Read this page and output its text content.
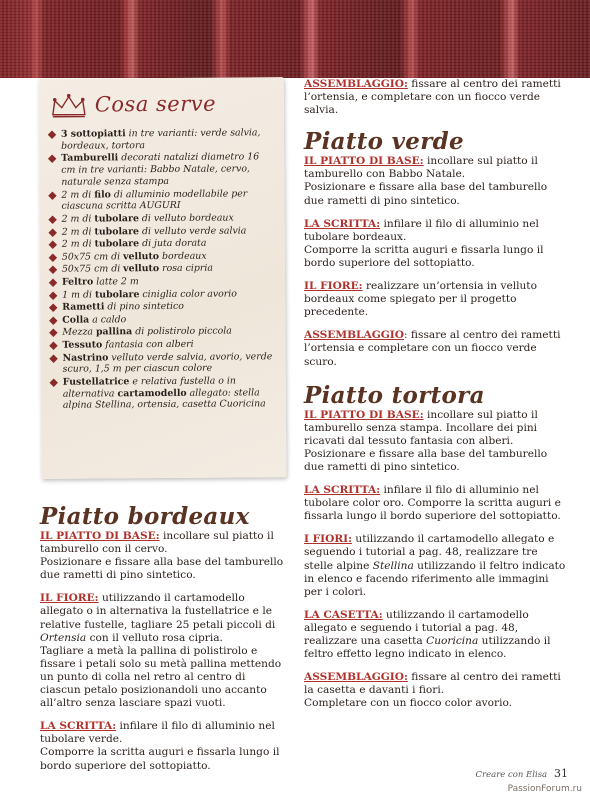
Cosa serve
3 sottopiatti in tre varianti: verde salvia, bordeaux, tortora
Tamburelli decorati natalizi diametro 16 cm in tre varianti: Babbo Natale, cervo, naturale senza stampa
2 m di filo di alluminio modellabile per ciascuna scritta AUGURI
2 m di tubolare di velluto bordeaux
2 m di tubolare di velluto verde salvia
2 m di tubolare di juta dorata
50x75 cm di velluto bordeaux
50x75 cm di velluto rosa cipria
Feltro latte 2 m
1 m di tubolare ciniglia color avorio
Rametti di pino sintetico
Colla a caldo
Mezza pallina di polistirolo piccola
Tessuto fantasia con alberi
Nastrino velluto verde salvia, avorio, verde scuro, 1,5 m per ciascun colore
Fustellatrice e relativa fustella o in alternativa cartamodello allegato: stella alpina Stellina, ortensia, casetta Cuoricina
Piatto bordeaux

IL PIATTO DI BASE: incollare sul piatto il tamburello con il cervo.
Posizionare e fissare alla base del tamburello due rametti di pino sintetico.

IL FIORE: utilizzando il cartamodello allegato o in alternativa la fustellatrice e le relative fustelle, tagliare 25 petali piccoli di Ortensia con il velluto rosa cipria.
Tagliare a metà la pallina di polistirolo e fissare i petali solo su metà pallina mettendo un punto di colla nel retro al centro di ciascun petalo posizionandoli uno accanto all’altro senza lasciare spazi vuoti.

LA SCRITTA: infilare il filo di alluminio nel tubolare verde.
Comporre la scritta auguri e fissarla lungo il bordo superiore del sottopiatto.

ASSEMBLAGGIO: fissare al centro dei rametti l’ortensia, e completare con un fiocco verde salvia.

Piatto verde

IL PIATTO DI BASE: incollare sul piatto il tamburello con Babbo Natale.
Posizionare e fissare alla base del tamburello due rametti di pino sintetico.

LA SCRITTA: infilare il filo di alluminio nel tubolare bordeaux.
Comporre la scritta auguri e fissarla lungo il bordo superiore del sottopiatto.

IL FIORE: realizzare un’ortensia in velluto bordeaux come spiegato per il progetto precedente.

ASSEMBLAGGIO: fissare al centro dei rametti l’ortensia e completare con un fiocco verde scuro.

Piatto tortora

IL PIATTO DI BASE: incollare sul piatto il tamburello senza stampa. Incollare dei pini ricavati dal tessuto fantasia con alberi.
Posizionare e fissare alla base del tamburello due rametti di pino sintetico.

LA SCRITTA: infilare il filo di alluminio nel tubolare color oro. Comporre la scritta auguri e fissarla lungo il bordo superiore del sottopiatto.

I FIORI: utilizzando il cartamodello allegato e seguendo i tutorial a pag. 48, realizzare tre stelle alpine Stellina utilizzando il feltro indicato in elenco e facendo riferimento alle immagini per i colori.

LA CASETTA: utilizzando il cartamodello allegato e seguendo i tutorial a pag. 48, realizzare una casetta Cuoricina utilizzando il feltro effetto legno indicato in elenco.

ASSEMBLAGGIO: fissare al centro dei rametti la casetta e davanti i fiori.
Completare con un fiocco color avorio.

Creare con Elisa 31
PassionForum.ru
